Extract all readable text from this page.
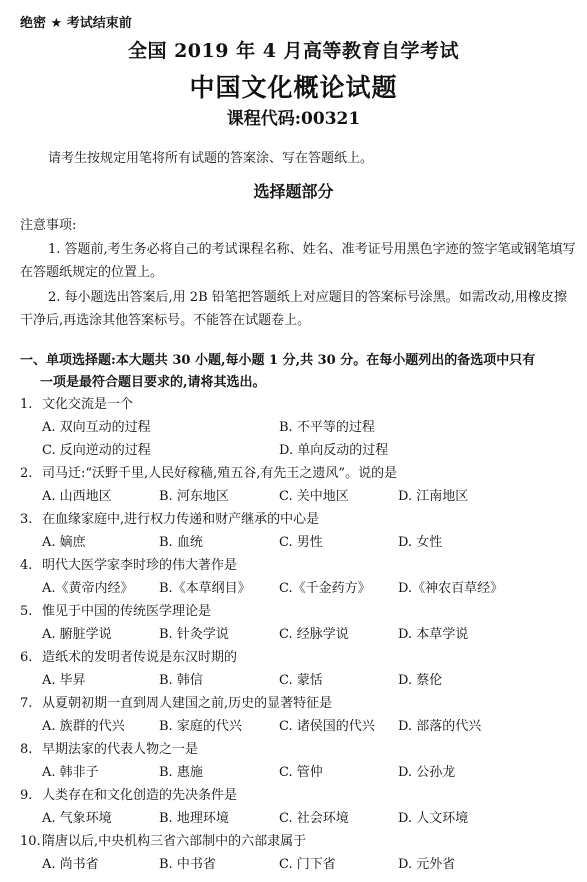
绝密 ★ 考试结束前
全国 2019 年 4 月高等教育自学考试
中国文化概论试题
课程代码:00321
请考生按规定用笔将所有试题的答案涂、写在答题纸上。
选择题部分
注意事项:
1. 答题前,考生务必将自己的考试课程名称、姓名、准考证号用黑色字迹的签字笔或钢笔填写在答题纸规定的位置上。
2. 每小题选出答案后,用 2B 铅笔把答题纸上对应题目的答案标号涂黑。如需改动,用橡皮擦干净后,再选涂其他答案标号。不能答在试题卷上。
一、单项选择题:本大题共 30 小题,每小题 1 分,共 30 分。在每小题列出的备选项中只有
一项是最符合题目要求的,请将其选出。
1. 文化交流是一个
A. 双向互动的过程	B. 不平等的过程
C. 反向逆动的过程	D. 单向反动的过程
2. 司马迁:“沃野千里,人民好稼穑,殖五谷,有先王之遗风”。说的是
A. 山西地区	B. 河东地区	C. 关中地区	D. 江南地区
3. 在血缘家庭中,进行权力传递和财产继承的中心是
A. 嫡庶	B. 血统	C. 男性	D. 女性
4. 明代大医学家李时珍的伟大著作是
A.《黄帝内经》 B.《本草纲目》 C.《千金药方》 D.《神农百草经》
5. 惟见于中国的传统医学理论是
A. 腑脏学说	B. 针灸学说	C. 经脉学说	D. 本草学说
6. 造纸术的发明者传说是东汉时期的
A. 毕昇	B. 韩信	C. 蒙恬	D. 蔡伦
7. 从夏朝初期一直到周人建国之前,历史的显著特征是
A. 族群的代兴	B. 家庭的代兴	C. 诸侯国的代兴 D. 部落的代兴
8. 早期法家的代表人物之一是
A. 韩非子	B. 惠施	C. 管仲	D. 公孙龙
9. 人类存在和文化创造的先决条件是
A. 气象环境	B. 地理环境	C. 社会环境	D. 人文环境
10.隋唐以后,中央机构三省六部制中的六部隶属于
A. 尚书省	B. 中书省	C. 门下省	D. 元外省
